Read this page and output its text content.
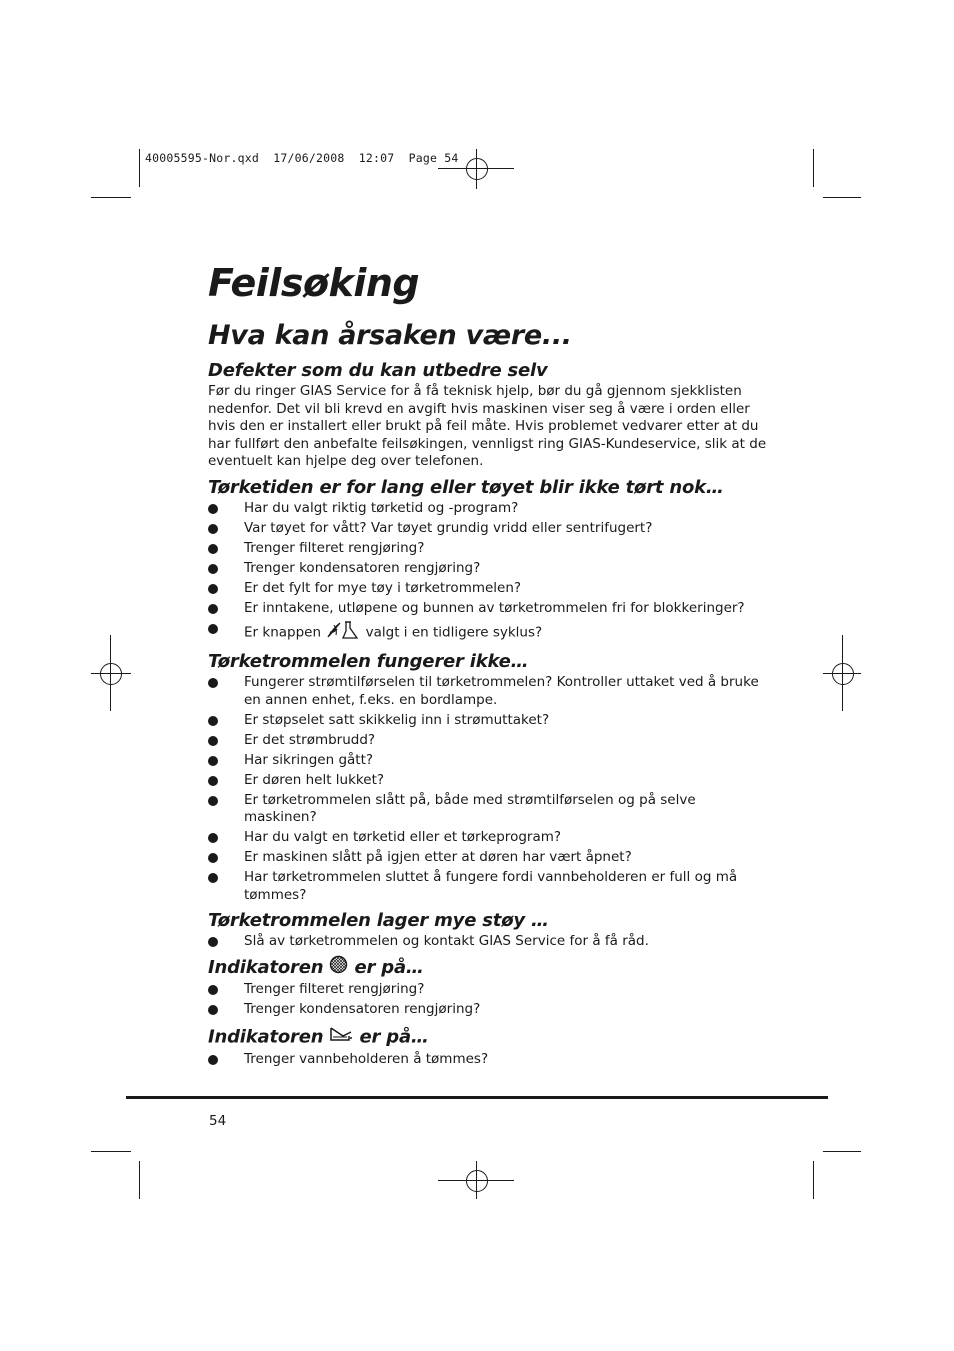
40005595-Nor.qxd  17/06/2008  12:07  Page 54
Feilsøking
Hva kan årsaken være...
Defekter som du kan utbedre selv

Før du ringer GIAS Service for å få teknisk hjelp, bør du gå gjennom sjekklisten nedenfor. Det vil bli krevd en avgift hvis maskinen viser seg å være i orden eller hvis den er installert eller brukt på feil måte. Hvis problemet vedvarer etter at du har fullført den anbefalte feilsøkingen, vennligst ring GIAS-Kundeservice, slik at de eventuelt kan hjelpe deg over telefonen.

Tørketiden er for lang eller tøyet blir ikke tørt nok…
Har du valgt riktig tørketid og -program?
Var tøyet for vått? Var tøyet grundig vridd eller sentrifugert?
Trenger filteret rengjøring?
Trenger kondensatoren rengjøring?
Er det fylt for mye tøy i tørketrommelen?
Er inntakene, utløpene og bunnen av tørketrommelen fri for blokkeringer?
Er knappen	valgt i en tidligere syklus?
Tørketrommelen fungerer ikke…
Fungerer strømtilførselen til tørketrommelen? Kontroller uttaket ved å bruke en annen enhet, f.eks. en bordlampe.
Er støpselet satt skikkelig inn i strømuttaket?
Er det strømbrudd?
Har sikringen gått?
Er døren helt lukket?
Er tørketrommelen slått på, både med strømtilførselen og på selve maskinen?
Har du valgt en tørketid eller et tørkeprogram?
Er maskinen slått på igjen etter at døren har vært åpnet?
Har tørketrommelen sluttet å fungere fordi vannbeholderen er full og må tømmes?
Tørketrommelen lager mye støy …
Slå av tørketrommelen og kontakt GIAS Service for å få råd.
Indikatoren er på…
Trenger filteret rengjøring?
Trenger kondensatoren rengjøring?
Indikatoren er på…
Trenger vannbeholderen å tømmes?
54
